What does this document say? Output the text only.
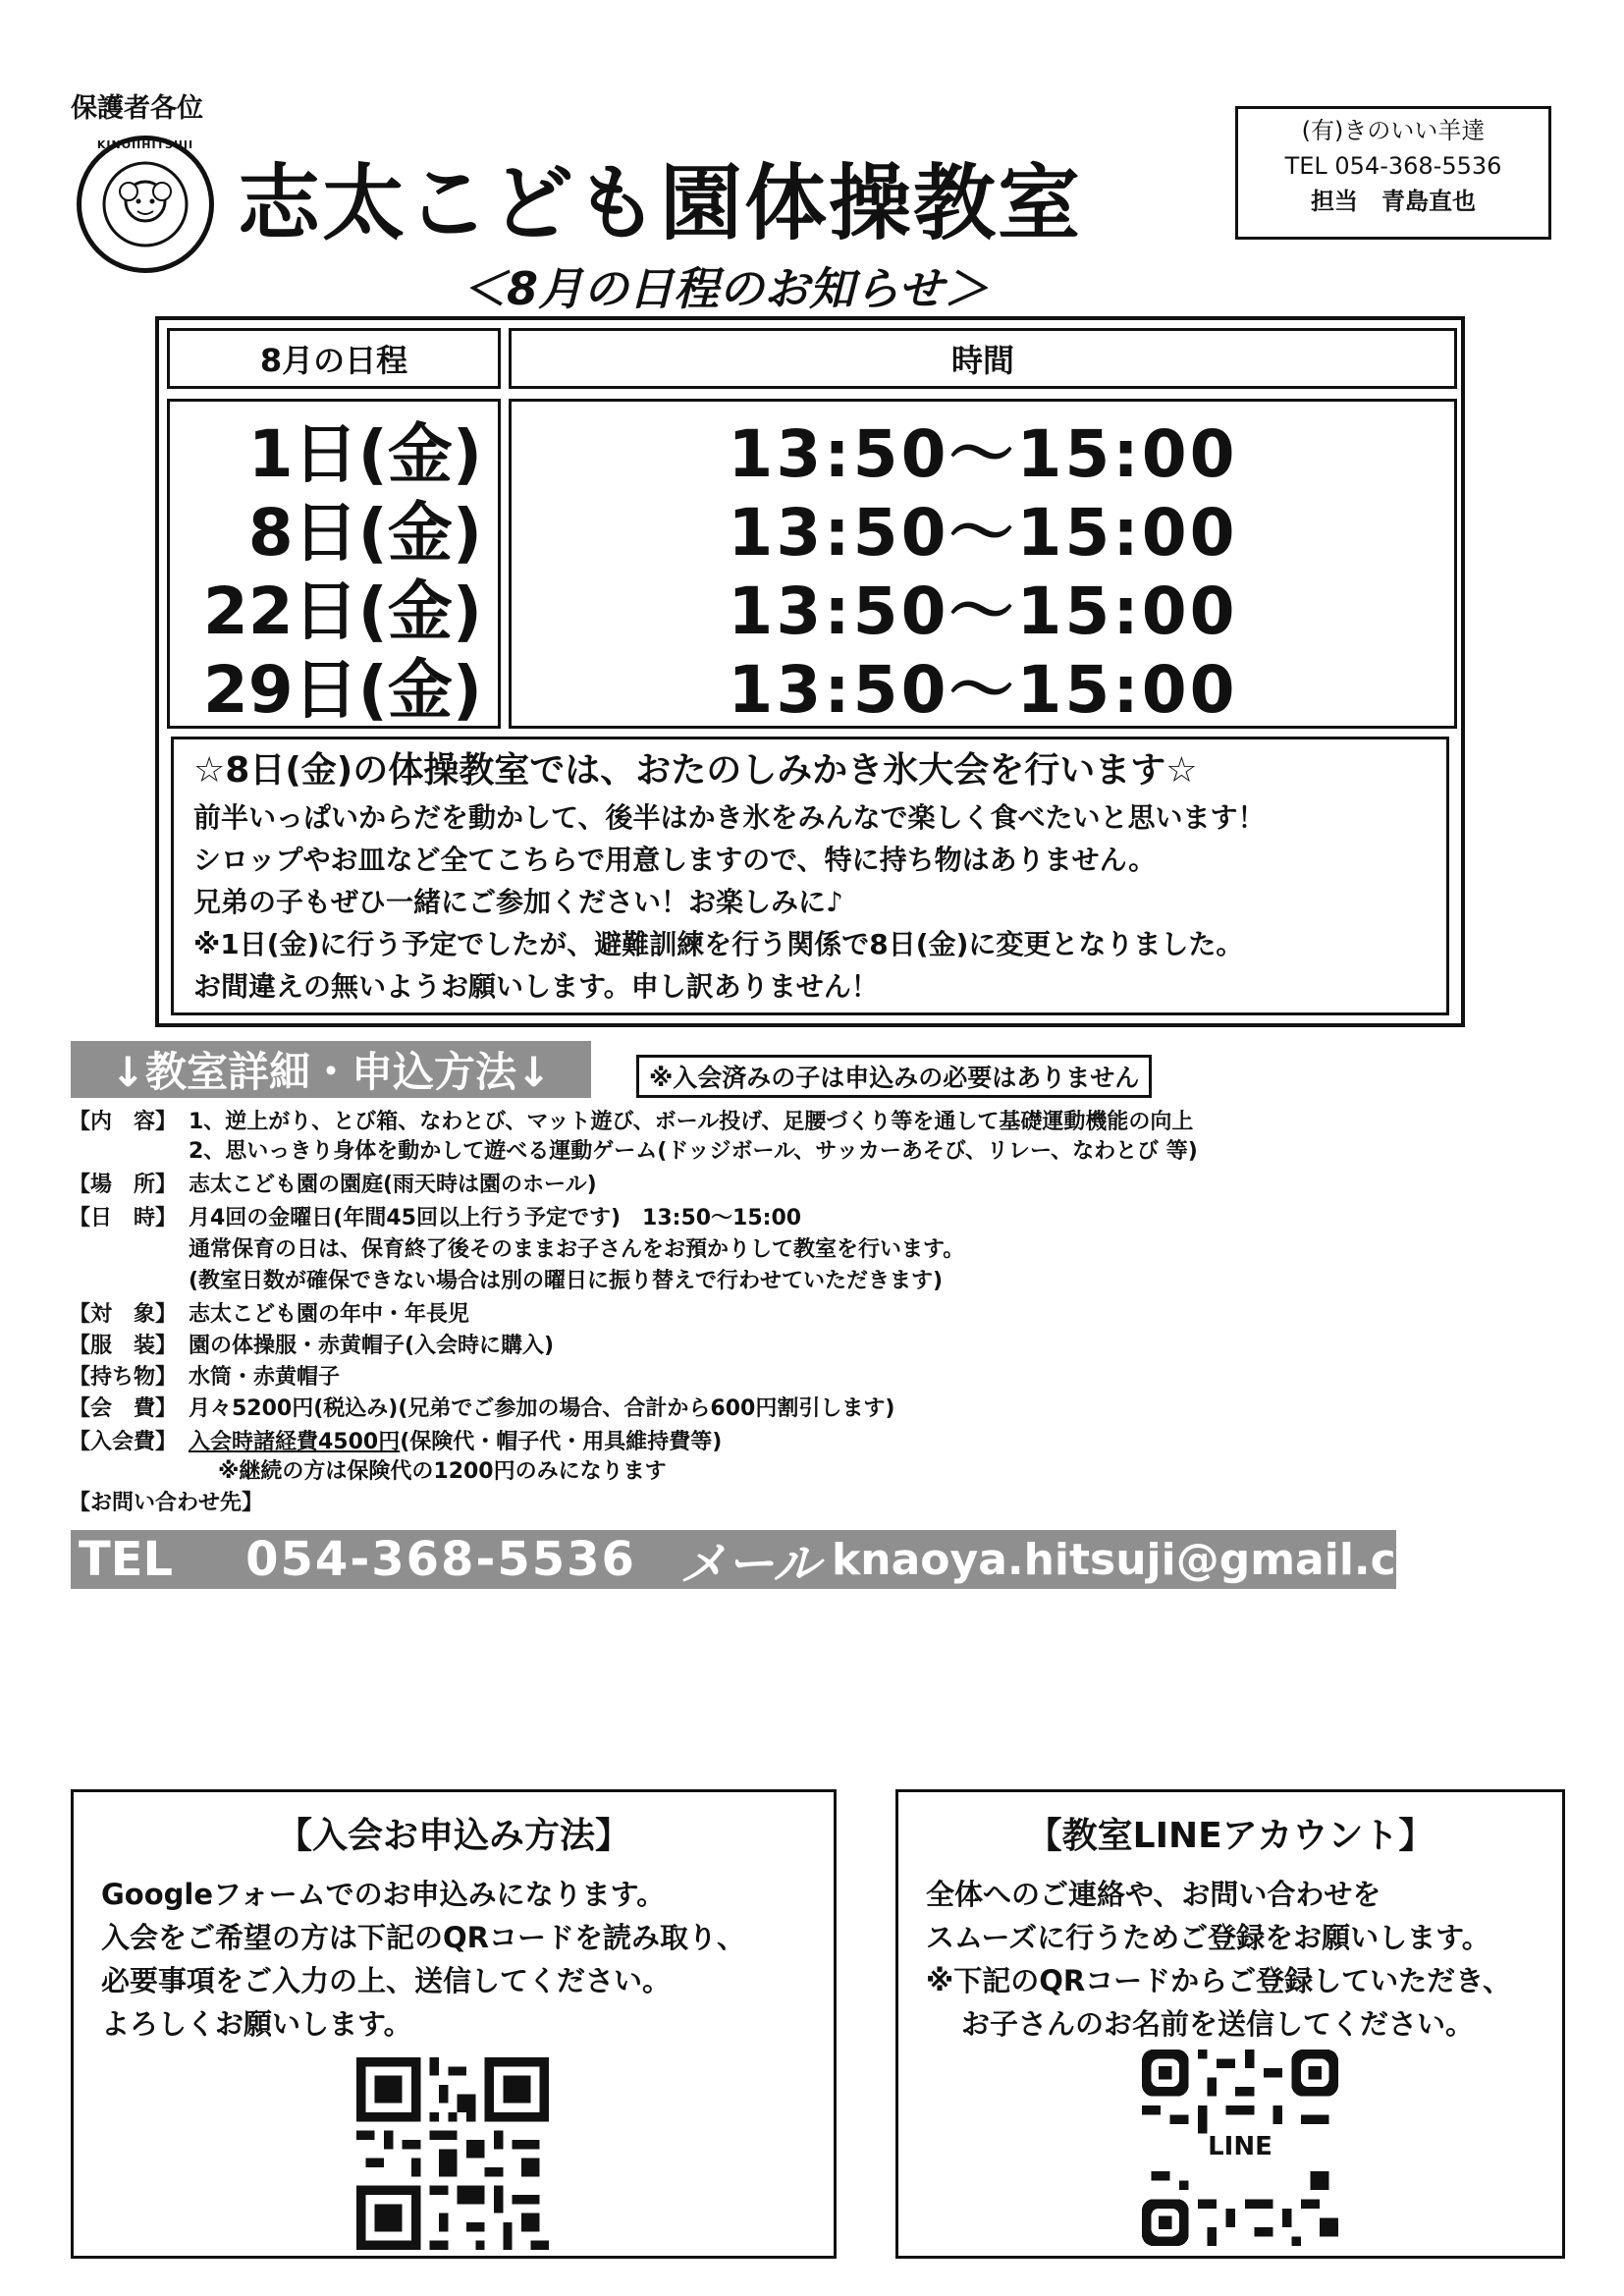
保護者各位
KINOIIHITSUJI
志太こども園体操教室
(有)きのいい羊達
TEL 054-368-5536
担当　青島直也
＜8月の日程のお知らせ＞
8月の日程	時間
1日(金)
8日(金)
22日(金)
29日(金)
13:50〜15:00
13:50〜15:00
13:50〜15:00
13:50〜15:00
☆8日(金)の体操教室では、おたのしみかき氷大会を行います☆
前半いっぱいからだを動かして、後半はかき氷をみんなで楽しく食べたいと思います！
シロップやお皿など全てこちらで用意しますので、特に持ち物はありません。
兄弟の子もぜひ一緒にご参加ください！お楽しみに♪
※1日(金)に行う予定でしたが、避難訓練を行う関係で8日(金)に変更となりました。
お間違えの無いようお願いします。申し訳ありません！
↓教室詳細・申込方法↓	※入会済みの子は申込みの必要はありません
【内　容】 1、逆上がり、とび箱、なわとび、マット遊び、ボール投げ、足腰づくり等を通して基礎運動機能の向上
2、思いっきり身体を動かして遊べる運動ゲーム(ドッジボール、サッカーあそび、リレー、なわとび 等)
【場　所】 志太こども園の園庭(雨天時は園のホール)
【日　時】 月4回の金曜日(年間45回以上行う予定です)　13:50〜15:00
通常保育の日は、保育終了後そのままお子さんをお預かりして教室を行います。
(教室日数が確保できない場合は別の曜日に振り替えで行わせていただきます)
【対　象】 志太こども園の年中・年長児
【服　装】 園の体操服・赤黄帽子(入会時に購入)
【持ち物】 水筒・赤黄帽子
【会　費】 月々5200円(税込み)(兄弟でご参加の場合、合計から600円割引します)
【入会費】 入会時諸経費4500円(保険代・帽子代・用具維持費等)
※継続の方は保険代の1200円のみになります
【お問い合わせ先】
TEL 054-368-5536 メール knaoya.hitsuji@gmail.com
【入会お申込み方法】
Googleフォームでのお申込みになります。
入会をご希望の方は下記のQRコードを読み取り、
必要事項をご入力の上、送信してください。
よろしくお願いします。
【教室LINEアカウント】
全体へのご連絡や、お問い合わせを
スムーズに行うためご登録をお願いします。
※下記のQRコードからご登録していただき、
お子さんのお名前を送信してください。
LINE
